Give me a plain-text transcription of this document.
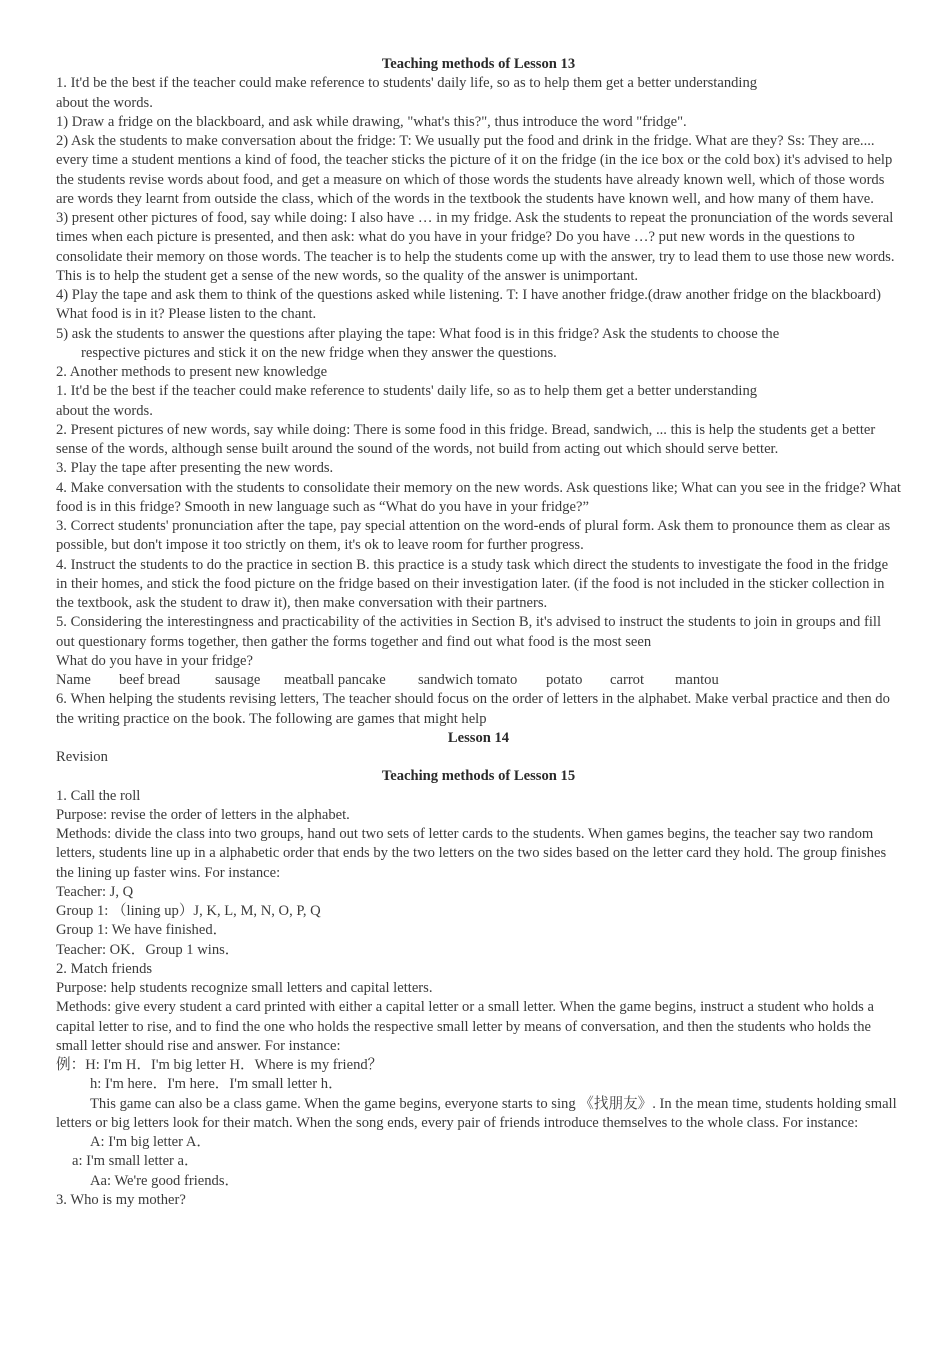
Teaching methods of Lesson 13
1. It'd be the best if the teacher could make reference to students' daily life, so as to help them get a better understanding
about the words.
1) Draw a fridge on the blackboard, and ask while drawing, "what's this?", thus introduce the word "fridge".
2) Ask the students to make conversation about the fridge: T: We usually put the food and drink in the fridge. What are they? Ss: They are.... every time a student mentions a kind of food, the teacher sticks the picture of it on the fridge (in the ice box or the cold box) it's advised to help the students revise words about food, and get a measure on which of those words the students have already known well, which of those words are words they learnt from outside the class, which of the words in the textbook the students have known well, and how many of them have.
3) present other pictures of food, say while doing: I also have … in my fridge. Ask the students to repeat the pronunciation of the words several times when each picture is presented, and then ask: what do you have in your fridge? Do you have …? put new words in the questions to consolidate their memory on those words. The teacher is to help the students come up with the answer, try to lead them to use those new words. This is to help the student get a sense of the new words, so the quality of the answer is unimportant.
4) Play the tape and ask them to think of the questions asked while listening. T: I have another fridge.(draw another fridge on the blackboard) What food is in it? Please listen to the chant.
5) ask the students to answer the questions after playing the tape: What food is in this fridge? Ask the students to choose the
respective pictures and stick it on the new fridge when they answer the questions.
2. Another methods to present new knowledge
1. It'd be the best if the teacher could make reference to students' daily life, so as to help them get a better understanding
about the words.
2. Present pictures of new words, say while doing: There is some food in this fridge. Bread, sandwich, ... this is help the students get a better sense of the words, although sense built around the sound of the words, not build from acting out which should serve better.
3. Play the tape after presenting the new words.
4. Make conversation with the students to consolidate their memory on the new words. Ask questions like; What can you see in the fridge? What food is in this fridge? Smooth in new language such as “What do you have in your fridge?”
3. Correct students' pronunciation after the tape, pay special attention on the word-ends of plural form. Ask them to pronounce them as clear as possible, but don't impose it too strictly on them, it's ok to leave room for further progress.
4. Instruct the students to do the practice in section B. this practice is a study task which direct the students to investigate the food in the fridge in their homes, and stick the food picture on the fridge based on their investigation later. (if the food is not included in the sticker collection in the textbook, ask the student to draw it), then make conversation with their partners.
5. Considering the interestingness and practicability of the activities in Section B, it's advised to instruct the students to join in groups and fill out questionary forms together, then gather the forms together and find out what food is the most seen
What do you have in your fridge?
Name beef bread sausage meatball pancake sandwich tomato potato carrot mantou
6. When helping the students revising letters, The teacher should focus on the order of letters in the alphabet. Make verbal practice and then do the writing practice on the book. The following are games that might help
Lesson 14
Revision
Teaching methods of Lesson 15
1. Call the roll
Purpose: revise the order of letters in the alphabet.
Methods: divide the class into two groups, hand out two sets of letter cards to the students. When games begins, the teacher say two random letters, students line up in a alphabetic order that ends by the two letters on the two sides based on the letter card they hold. The group finishes the lining up faster wins. For instance:
Teacher: J, Q
Group 1: （lining up）J, K, L, M, N, O, P, Q
Group 1: We have finished．
Teacher: OK．Group 1 wins．
2. Match friends
Purpose: help students recognize small letters and capital letters.
Methods: give every student a card printed with either a capital letter or a small letter. When the game begins, instruct a student who holds a capital letter to rise, and to find the one who holds the respective small letter by means of conversation, and then the students who holds the small letter should rise and answer. For instance:
例：H: I'm H．I'm big letter H．Where is my friend？
h: I'm here．I'm here．I'm small letter h．
This game can also be a class game. When the game begins, everyone starts to sing 《找朋友》. In the mean time, students holding small letters or big letters look for their match. When the song ends, every pair of friends introduce themselves to the whole class. For instance:
A: I'm big letter A．
a: I'm small letter a．
Aa: We're good friends．
3. Who is my mother?
